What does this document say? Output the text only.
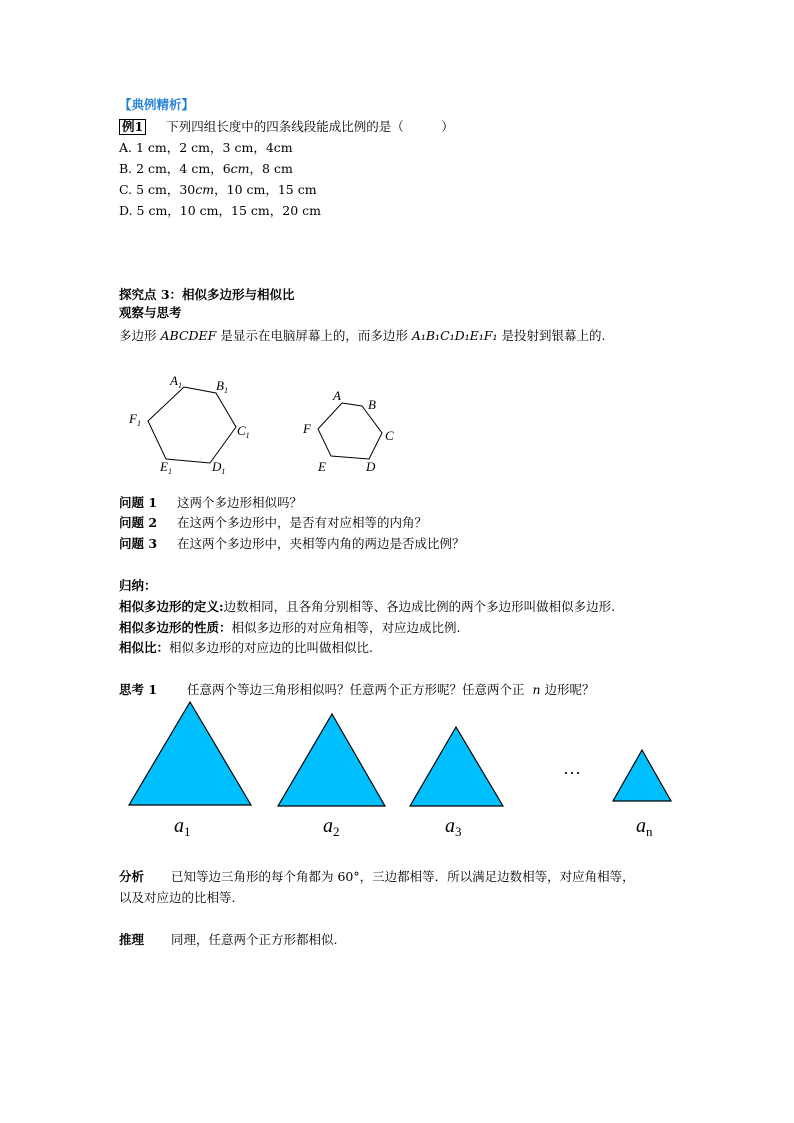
【典例精析】
例1 下列四组长度中的四条线段能成比例的是（　　　）
A. 1 cm，2 cm，3 cm，4cm
B. 2 cm，4 cm，6cm，8 cm
C. 5 cm，30cm，10 cm，15 cm
D. 5 cm，10 cm，15 cm，20 cm
探究点 3：相似多边形与相似比
观察与思考
多边形 ABCDEF 是显示在电脑屏幕上的，而多边形 A₁B₁C₁D₁E₁F₁ 是投射到银幕上的.
$A_1$	$B_1$
$C_1$
$D_1$
$E_1$
$F_1$
A
B
C
D
E
F
问题 1 这两个多边形相似吗？
问题 2 在这两个多边形中，是否有对应相等的内角？
问题 3 在这两个多边形中，夹相等内角的两边是否成比例？
归纳：
相似多边形的定义:边数相同，且各角分别相等、各边成比例的两个多边形叫做相似多边形.
相似多边形的性质：相似多边形的对应角相等，对应边成比例.
相似比：相似多边形的对应边的比叫做相似比.
思考 1 任意两个等边三角形相似吗？任意两个正方形呢？任意两个正 n 边形呢？
…
$a_1$	$a_2$	$a_3$	$a_n$
分析 已知等边三角形的每个角都为 60°，三边都相等．所以满足边数相等，对应角相等，
以及对应边的比相等.
推理 同理，任意两个正方形都相似.
